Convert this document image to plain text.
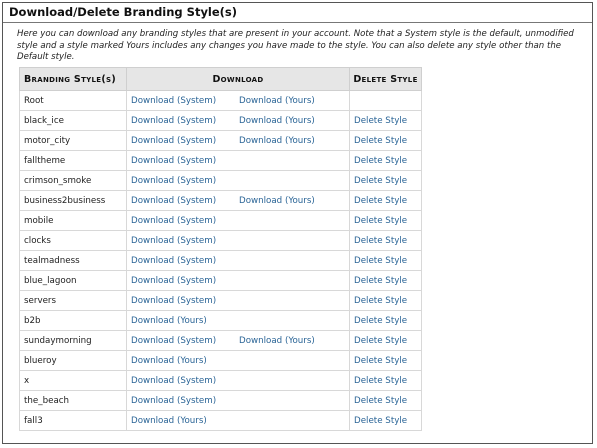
Download/Delete Branding Style(s)
Here you can download any branding styles that are present in your account. Note that a System style is the default, unmodified style and a style marked Yours includes any changes you have made to the style. You can also delete any style other than the Default style.
Branding Style(s)	Download	Delete Style
Root	Download (System) Download (Yours)	
black_ice	Download (System) Download (Yours)	Delete Style
motor_city	Download (System) Download (Yours)	Delete Style
falltheme	Download (System)	Delete Style
crimson_smoke	Download (System)	Delete Style
business2business	Download (System) Download (Yours)	Delete Style
mobile	Download (System)	Delete Style
clocks	Download (System)	Delete Style
tealmadness	Download (System)	Delete Style
blue_lagoon	Download (System)	Delete Style
servers	Download (System)	Delete Style
b2b	Download (Yours)	Delete Style
sundaymorning	Download (System) Download (Yours)	Delete Style
blueroy	Download (Yours)	Delete Style
x	Download (System)	Delete Style
the_beach	Download (System)	Delete Style
fall3	Download (Yours)	Delete Style
